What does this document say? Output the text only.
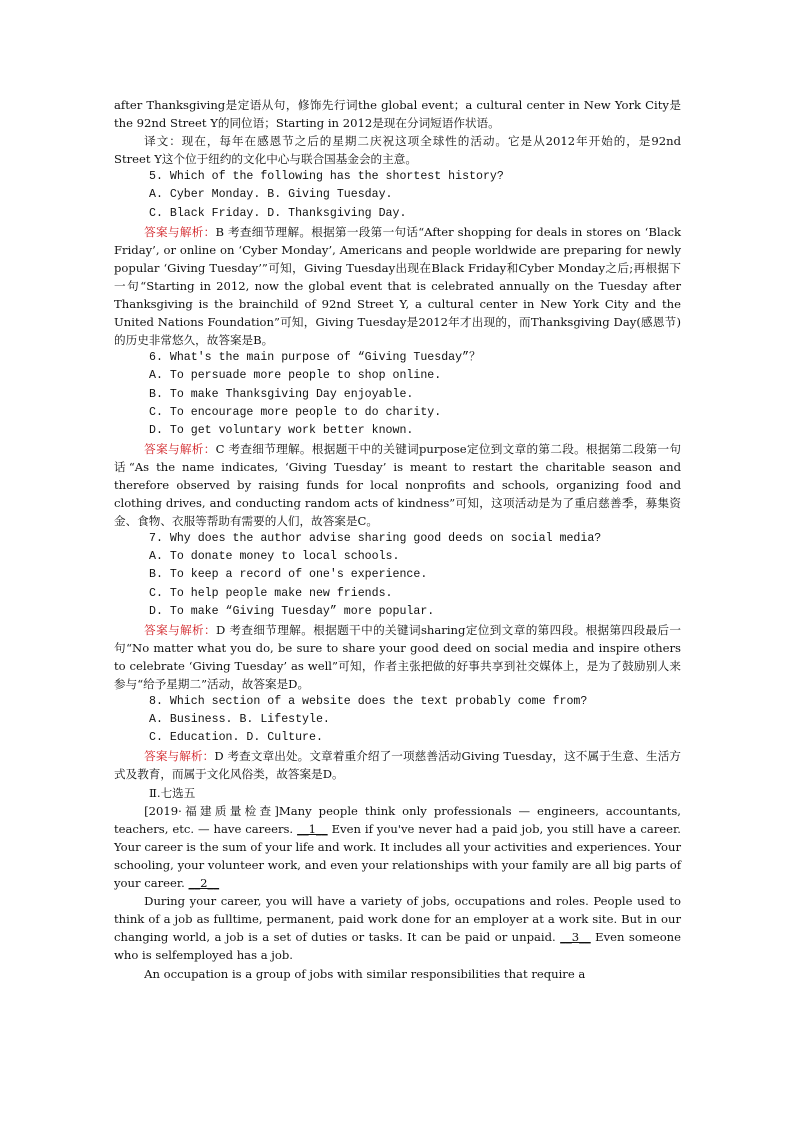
after Thanksgiving是定语从句，修饰先行词the global event；a cultural center in New York City是the 92nd Street Y的同位语；Starting in 2012是现在分词短语作状语。

译文：现在，每年在感恩节之后的星期二庆祝这项全球性的活动。它是从2012年开始的，是92nd Street Y这个位于纽约的文化中心与联合国基金会的主意。

5. Which of the following has the shortest history?

A. Cyber Monday. B. Giving Tuesday.

C. Black Friday. D. Thanksgiving Day.

答案与解析：B 考查细节理解。根据第一段第一句话“After shopping for deals in stores on ‘Black Friday’, or online on ‘Cyber Monday’, Americans and people worldwide are preparing for newly popular ‘Giving Tuesday’”可知，Giving Tuesday出现在Black Friday和Cyber Monday之后;再根据下一句“Starting in 2012, now the global event that is celebrated annually on the Tuesday after Thanksgiving is the brainchild of 92nd Street Y, a cultural center in New York City and the United Nations Foundation”可知，Giving Tuesday是2012年才出现的，而Thanksgiving Day(感恩节)的历史非常悠久，故答案是B。

6. What's the main purpose of “Giving Tuesday”？

A. To persuade more people to shop online.

B. To make Thanksgiving Day enjoyable.

C. To encourage more people to do charity.

D. To get voluntary work better known.

答案与解析：C 考查细节理解。根据题干中的关键词purpose定位到文章的第二段。根据第二段第一句话“As the name indicates, ‘Giving Tuesday’ is meant to restart the charitable season and therefore observed by raising funds for local nonprofits and schools, organizing food and clothing drives, and conducting random acts of kindness”可知，这项活动是为了重启慈善季，募集资金、食物、衣服等帮助有需要的人们，故答案是C。

7. Why does the author advise sharing good deeds on social media?

A. To donate money to local schools.

B. To keep a record of one's experience.

C. To help people make new friends.

D. To make “Giving Tuesday” more popular.

答案与解析：D 考查细节理解。根据题干中的关键词sharing定位到文章的第四段。根据第四段最后一句“No matter what you do, be sure to share your good deed on social media and inspire others to celebrate ‘Giving Tuesday’ as well”可知，作者主张把做的好事共享到社交媒体上，是为了鼓励别人来参与“给予星期二”活动，故答案是D。

8. Which section of a website does the text probably come from?

A. Business. B. Lifestyle.

C. Education. D. Culture.

答案与解析：D 考查文章出处。文章着重介绍了一项慈善活动Giving Tuesday，这不属于生意、生活方式及教育，而属于文化风俗类，故答案是D。

Ⅱ.七选五

[2019·福建质量检查]Many people think only professionals — engineers, accountants, teachers, etc. — have careers. __1__ Even if you've never had a paid job, you still have a career. Your career is the sum of your life and work. It includes all your activities and experiences. Your schooling, your volunteer work, and even your relationships with your family are all big parts of your career. __2__

During your career, you will have a variety of jobs, occupations and roles. People used to think of a job as fulltime, permanent, paid work done for an employer at a work site. But in our changing world, a job is a set of duties or tasks. It can be paid or unpaid. __3__ Even someone who is selfemployed has a job.

An occupation is a group of jobs with similar responsibilities that require a
